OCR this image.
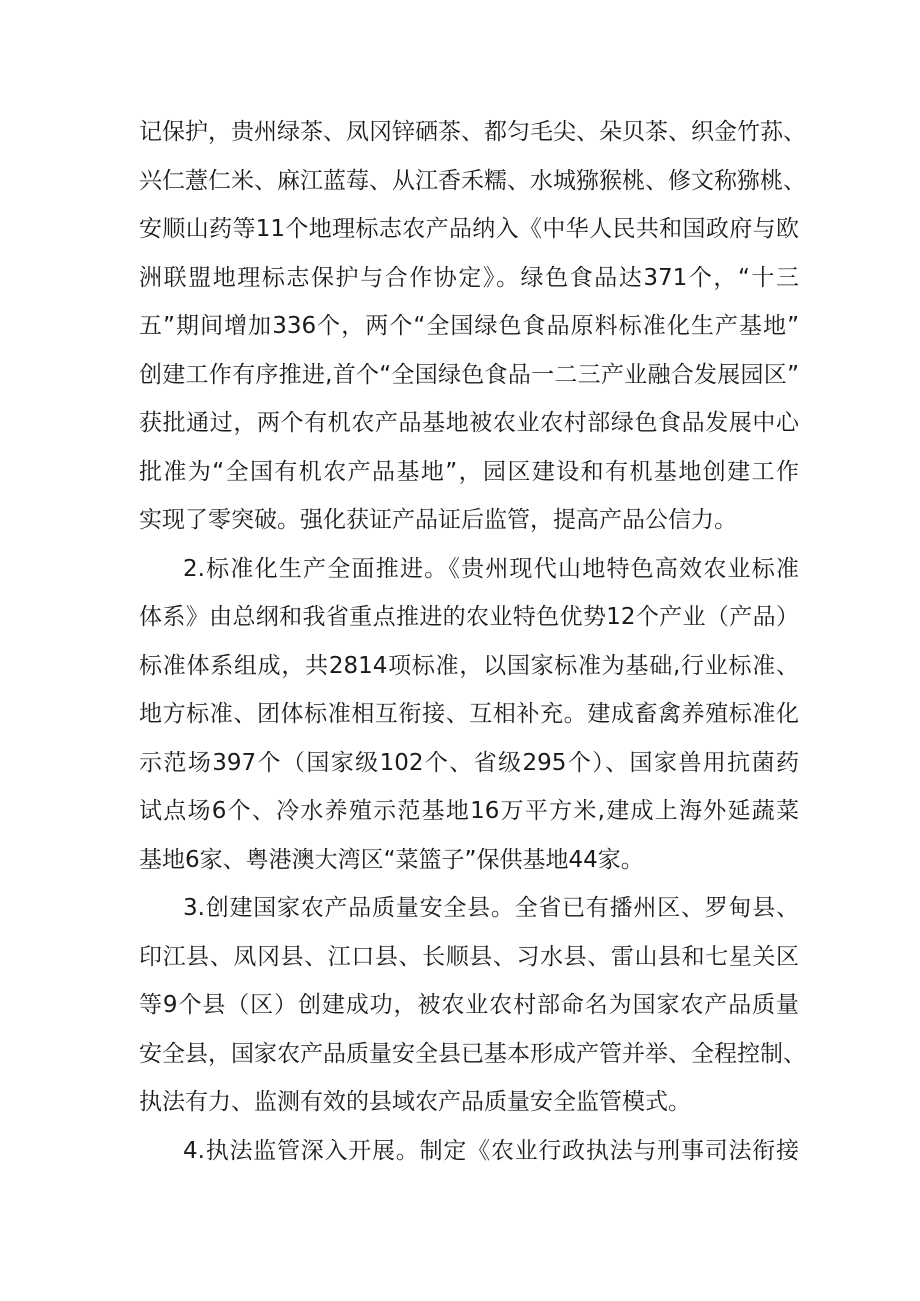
记保护，贵州绿茶、凤冈锌硒茶、都匀毛尖、朵贝茶、织金竹荪、
兴仁薏仁米、麻江蓝莓、从江香禾糯、水城猕猴桃、修文称猕桃、
安顺山药等11个地理标志农产品纳入《中华人民共和国政府与欧
洲联盟地理标志保护与合作协定》。绿色食品达371个，“十三
五”期间增加336个，两个“全国绿色食品原料标准化生产基地”
创建工作有序推进,首个“全国绿色食品一二三产业融合发展园区”
获批通过，两个有机农产品基地被农业农村部绿色食品发展中心
批准为“全国有机农产品基地”，园区建设和有机基地创建工作
实现了零突破。强化获证产品证后监管，提高产品公信力。
2.标准化生产全面推进。《贵州现代山地特色高效农业标准
体系》由总纲和我省重点推进的农业特色优势12个产业（产品）
标准体系组成，共2814项标准，以国家标准为基础,行业标准、
地方标准、团体标准相互衔接、互相补充。建成畜禽养殖标准化
示范场397个（国家级102个、省级295个）、国家兽用抗菌药
试点场6个、冷水养殖示范基地16万平方米,建成上海外延蔬菜
基地6家、粤港澳大湾区“菜篮子”保供基地44家。
3.创建国家农产品质量安全县。全省已有播州区、罗甸县、
印江县、凤冈县、江口县、长顺县、习水县、雷山县和七星关区
等9个县（区）创建成功，被农业农村部命名为国家农产品质量
安全县，国家农产品质量安全县已基本形成产管并举、全程控制、
执法有力、监测有效的县域农产品质量安全监管模式。
4.执法监管深入开展。制定《农业行政执法与刑事司法衔接
